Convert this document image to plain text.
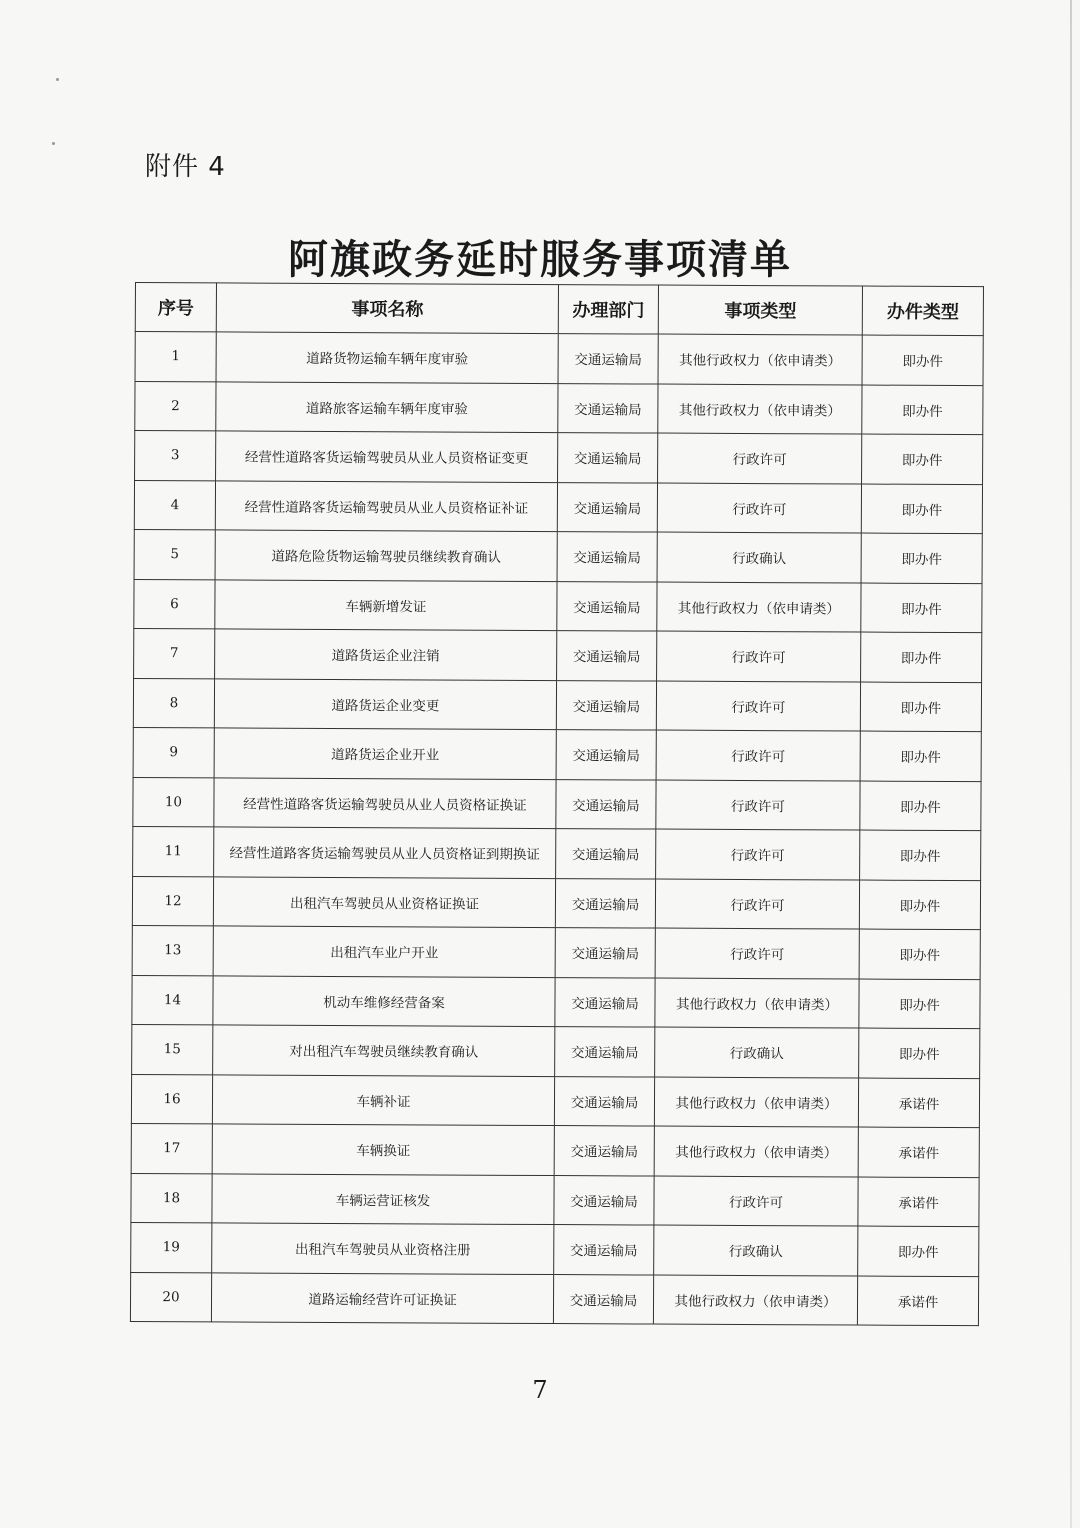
附件 4
阿旗政务延时服务事项清单
序号	事项名称	办理部门	事项类型	办件类型
1	道路货物运输车辆年度审验	交通运输局	其他行政权力（依申请类）	即办件
2	道路旅客运输车辆年度审验	交通运输局	其他行政权力（依申请类）	即办件
3	经营性道路客货运输驾驶员从业人员资格证变更	交通运输局	行政许可	即办件
4	经营性道路客货运输驾驶员从业人员资格证补证	交通运输局	行政许可	即办件
5	道路危险货物运输驾驶员继续教育确认	交通运输局	行政确认	即办件
6	车辆新增发证	交通运输局	其他行政权力（依申请类）	即办件
7	道路货运企业注销	交通运输局	行政许可	即办件
8	道路货运企业变更	交通运输局	行政许可	即办件
9	道路货运企业开业	交通运输局	行政许可	即办件
10	经营性道路客货运输驾驶员从业人员资格证换证	交通运输局	行政许可	即办件
11	经营性道路客货运输驾驶员从业人员资格证到期换证	交通运输局	行政许可	即办件
12	出租汽车驾驶员从业资格证换证	交通运输局	行政许可	即办件
13	出租汽车业户开业	交通运输局	行政许可	即办件
14	机动车维修经营备案	交通运输局	其他行政权力（依申请类）	即办件
15	对出租汽车驾驶员继续教育确认	交通运输局	行政确认	即办件
16	车辆补证	交通运输局	其他行政权力（依申请类）	承诺件
17	车辆换证	交通运输局	其他行政权力（依申请类）	承诺件
18	车辆运营证核发	交通运输局	行政许可	承诺件
19	出租汽车驾驶员从业资格注册	交通运输局	行政确认	即办件
20	道路运输经营许可证换证	交通运输局	其他行政权力（依申请类）	承诺件
7
